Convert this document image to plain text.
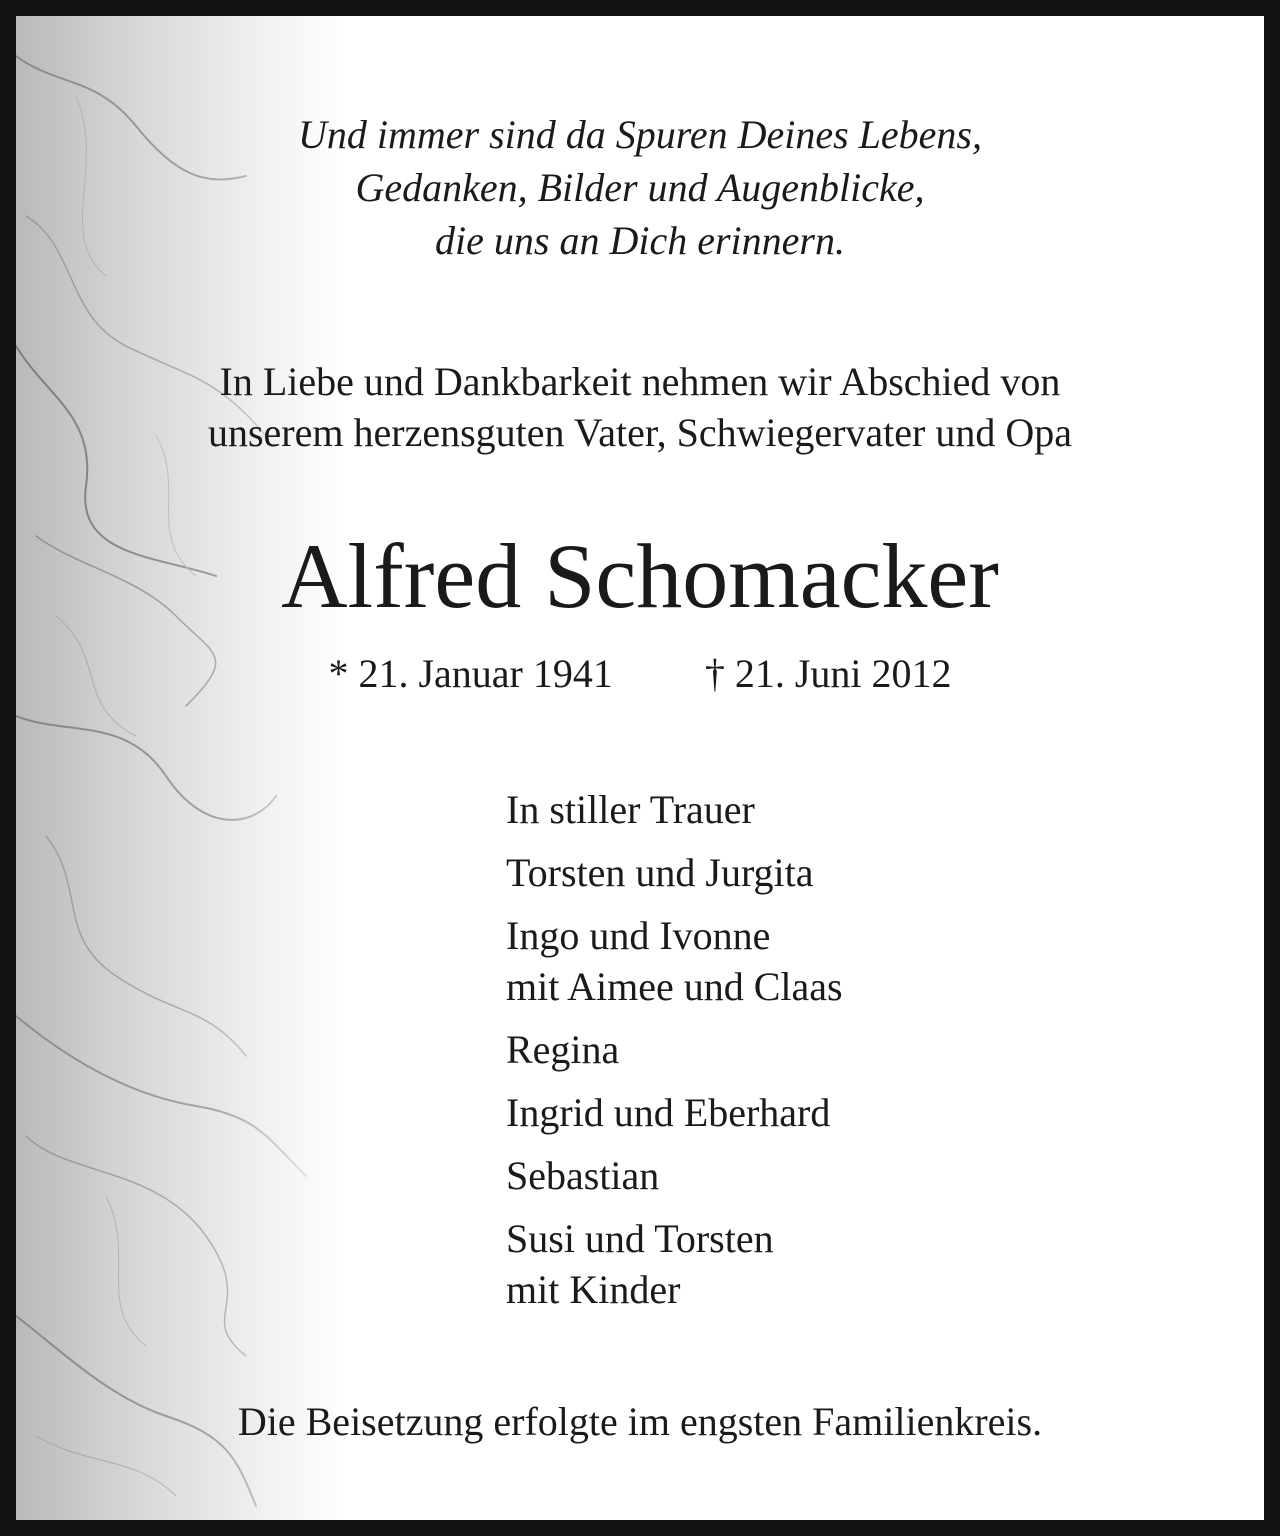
Und immer sind da Spuren Deines Lebens,
Gedanken, Bilder und Augenblicke,
die uns an Dich erinnern.
In Liebe und Dankbarkeit nehmen wir Abschied von
unserem herzensguten Vater, Schwiegervater und Opa
Alfred Schomacker
* 21. Januar 1941 † 21. Juni 2012
In stiller Trauer
Torsten und Jurgita
Ingo und Ivonne
mit Aimee und Claas
Regina
Ingrid und Eberhard
Sebastian
Susi und Torsten
mit Kinder
Die Beisetzung erfolgte im engsten Familienkreis.
